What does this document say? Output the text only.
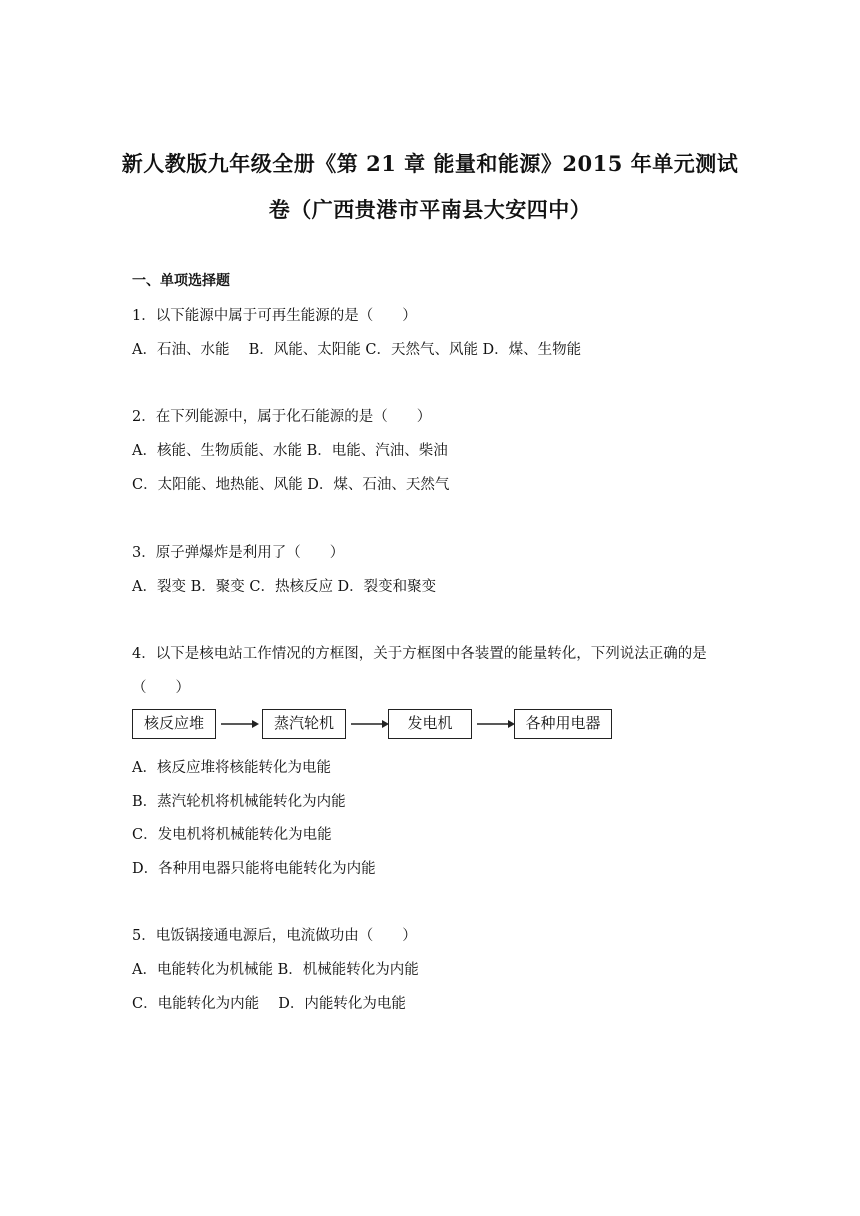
新人教版九年级全册《第 21 章 能量和能源》2015 年单元测试
卷（广西贵港市平南县大安四中）
一、单项选择题
1．以下能源中属于可再生能源的是（　　）
A．石油、水能　 B．风能、太阳能 C．天然气、风能 D．煤、生物能
2．在下列能源中，属于化石能源的是（　　）
A．核能、生物质能、水能 B．电能、汽油、柴油
C．太阳能、地热能、风能 D．煤、石油、天然气
3．原子弹爆炸是利用了（　　）
A．裂变 B．聚变 C．热核反应 D．裂变和聚变
4．以下是核电站工作情况的方框图，关于方框图中各装置的能量转化，下列说法正确的是
（　　）
核反应堆	蒸汽轮机	发电机	各种用电器
A．核反应堆将核能转化为电能
B．蒸汽轮机将机械能转化为内能
C．发电机将机械能转化为电能
D．各种用电器只能将电能转化为内能
5．电饭锅接通电源后，电流做功由（　　）
A．电能转化为机械能 B．机械能转化为内能
C．电能转化为内能　 D．内能转化为电能
